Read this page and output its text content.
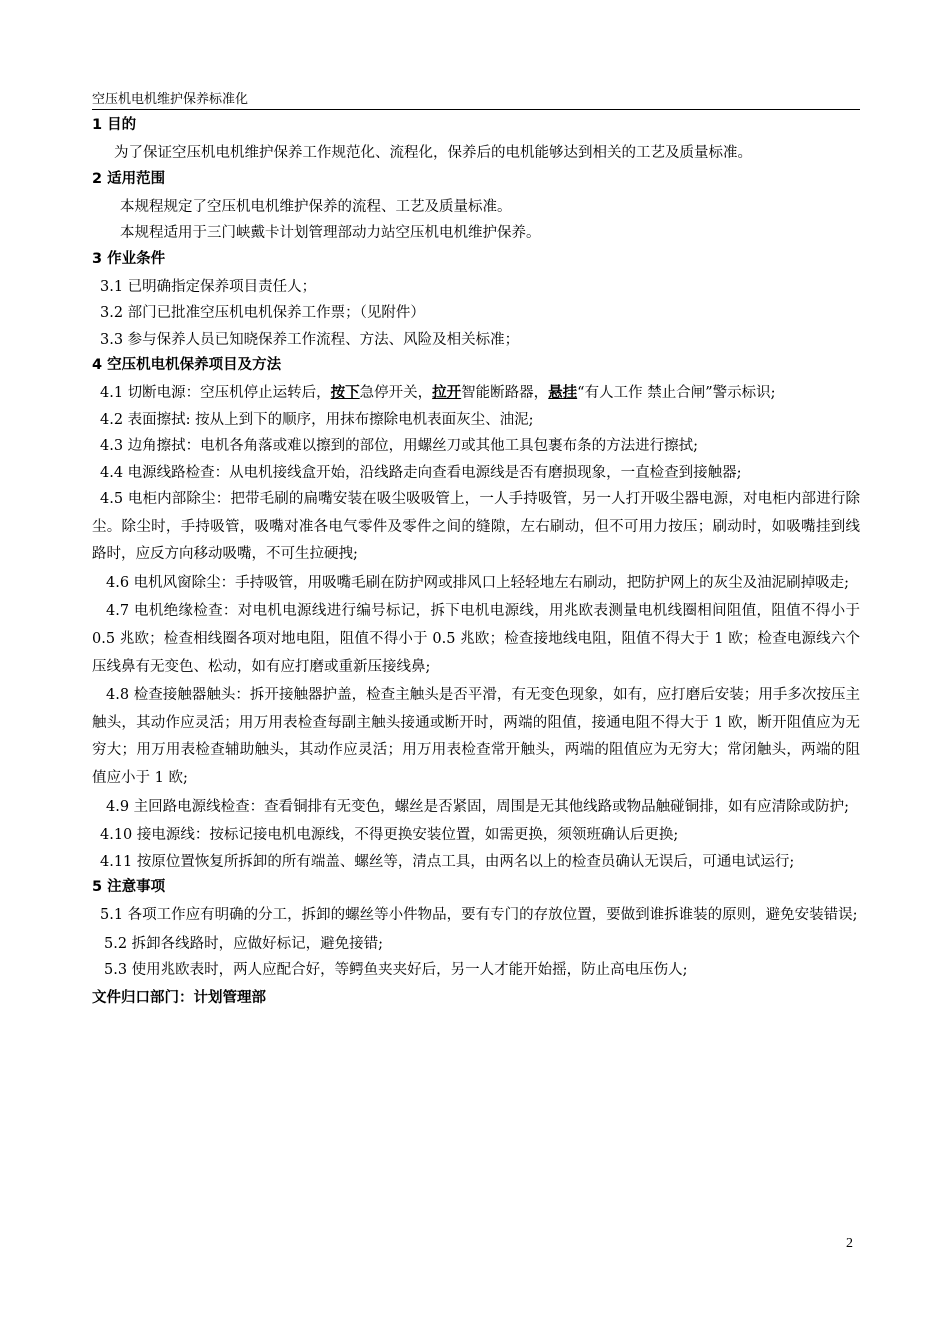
空压机电机维护保养标准化
1 目的
为了保证空压机电机维护保养工作规范化、流程化，保养后的电机能够达到相关的工艺及质量标准。
2 适用范围
本规程规定了空压机电机维护保养的流程、工艺及质量标准。
本规程适用于三门峡戴卡计划管理部动力站空压机电机维护保养。
3 作业条件
3.1 已明确指定保养项目责任人；
3.2 部门已批准空压机电机保养工作票；（见附件）
3.3 参与保养人员已知晓保养工作流程、方法、风险及相关标准；
4 空压机电机保养项目及方法
4.1 切断电源：空压机停止运转后，按下急停开关，拉开智能断路器，悬挂“有人工作 禁止合闸”警示标识;
4.2 表面擦拭: 按从上到下的顺序，用抹布擦除电机表面灰尘、油泥;
4.3 边角擦拭：电机各角落或难以擦到的部位，用螺丝刀或其他工具包裹布条的方法进行擦拭;
4.4 电源线路检查：从电机接线盒开始，沿线路走向查看电源线是否有磨损现象，一直检查到接触器;
4.5 电柜内部除尘：把带毛刷的扁嘴安装在吸尘吸吸管上，一人手持吸管，另一人打开吸尘器电源，对电柜内部进行除尘。除尘时，手持吸管，吸嘴对准各电气零件及零件之间的缝隙，左右刷动，但不可用力按压；刷动时，如吸嘴挂到线路时，应反方向移动吸嘴，不可生拉硬拽;
4.6 电机风窗除尘：手持吸管，用吸嘴毛刷在防护网或排风口上轻轻地左右刷动，把防护网上的灰尘及油泥刷掉吸走;
4.7 电机绝缘检查：对电机电源线进行编号标记，拆下电机电源线，用兆欧表测量电机线圈相间阻值，阻值不得小于 0.5 兆欧；检查相线圈各项对地电阻，阻值不得小于 0.5 兆欧；检查接地线电阻，阻值不得大于 1 欧；检查电源线六个压线鼻有无变色、松动，如有应打磨或重新压接线鼻;
4.8 检查接触器触头：拆开接触器护盖，检查主触头是否平滑，有无变色现象，如有，应打磨后安装；用手多次按压主触头，其动作应灵活；用万用表检查每副主触头接通或断开时，两端的阻值，接通电阻不得大于 1 欧，断开阻值应为无穷大；用万用表检查辅助触头，其动作应灵活；用万用表检查常开触头，两端的阻值应为无穷大；常闭触头，两端的阻值应小于 1 欧;
4.9 主回路电源线检查：查看铜排有无变色，螺丝是否紧固，周围是无其他线路或物品触碰铜排，如有应清除或防护;
4.10 接电源线：按标记接电机电源线，不得更换安装位置，如需更换，须领班确认后更换;
4.11 按原位置恢复所拆卸的所有端盖、螺丝等，清点工具，由两名以上的检查员确认无误后，可通电试运行;
5 注意事项
5.1 各项工作应有明确的分工，拆卸的螺丝等小件物品，要有专门的存放位置，要做到谁拆谁装的原则，避免安装错误;
5.2 拆卸各线路时，应做好标记，避免接错;
5.3 使用兆欧表时，两人应配合好，等鳄鱼夹夹好后，另一人才能开始摇，防止高电压伤人;
文件归口部门：计划管理部
2
